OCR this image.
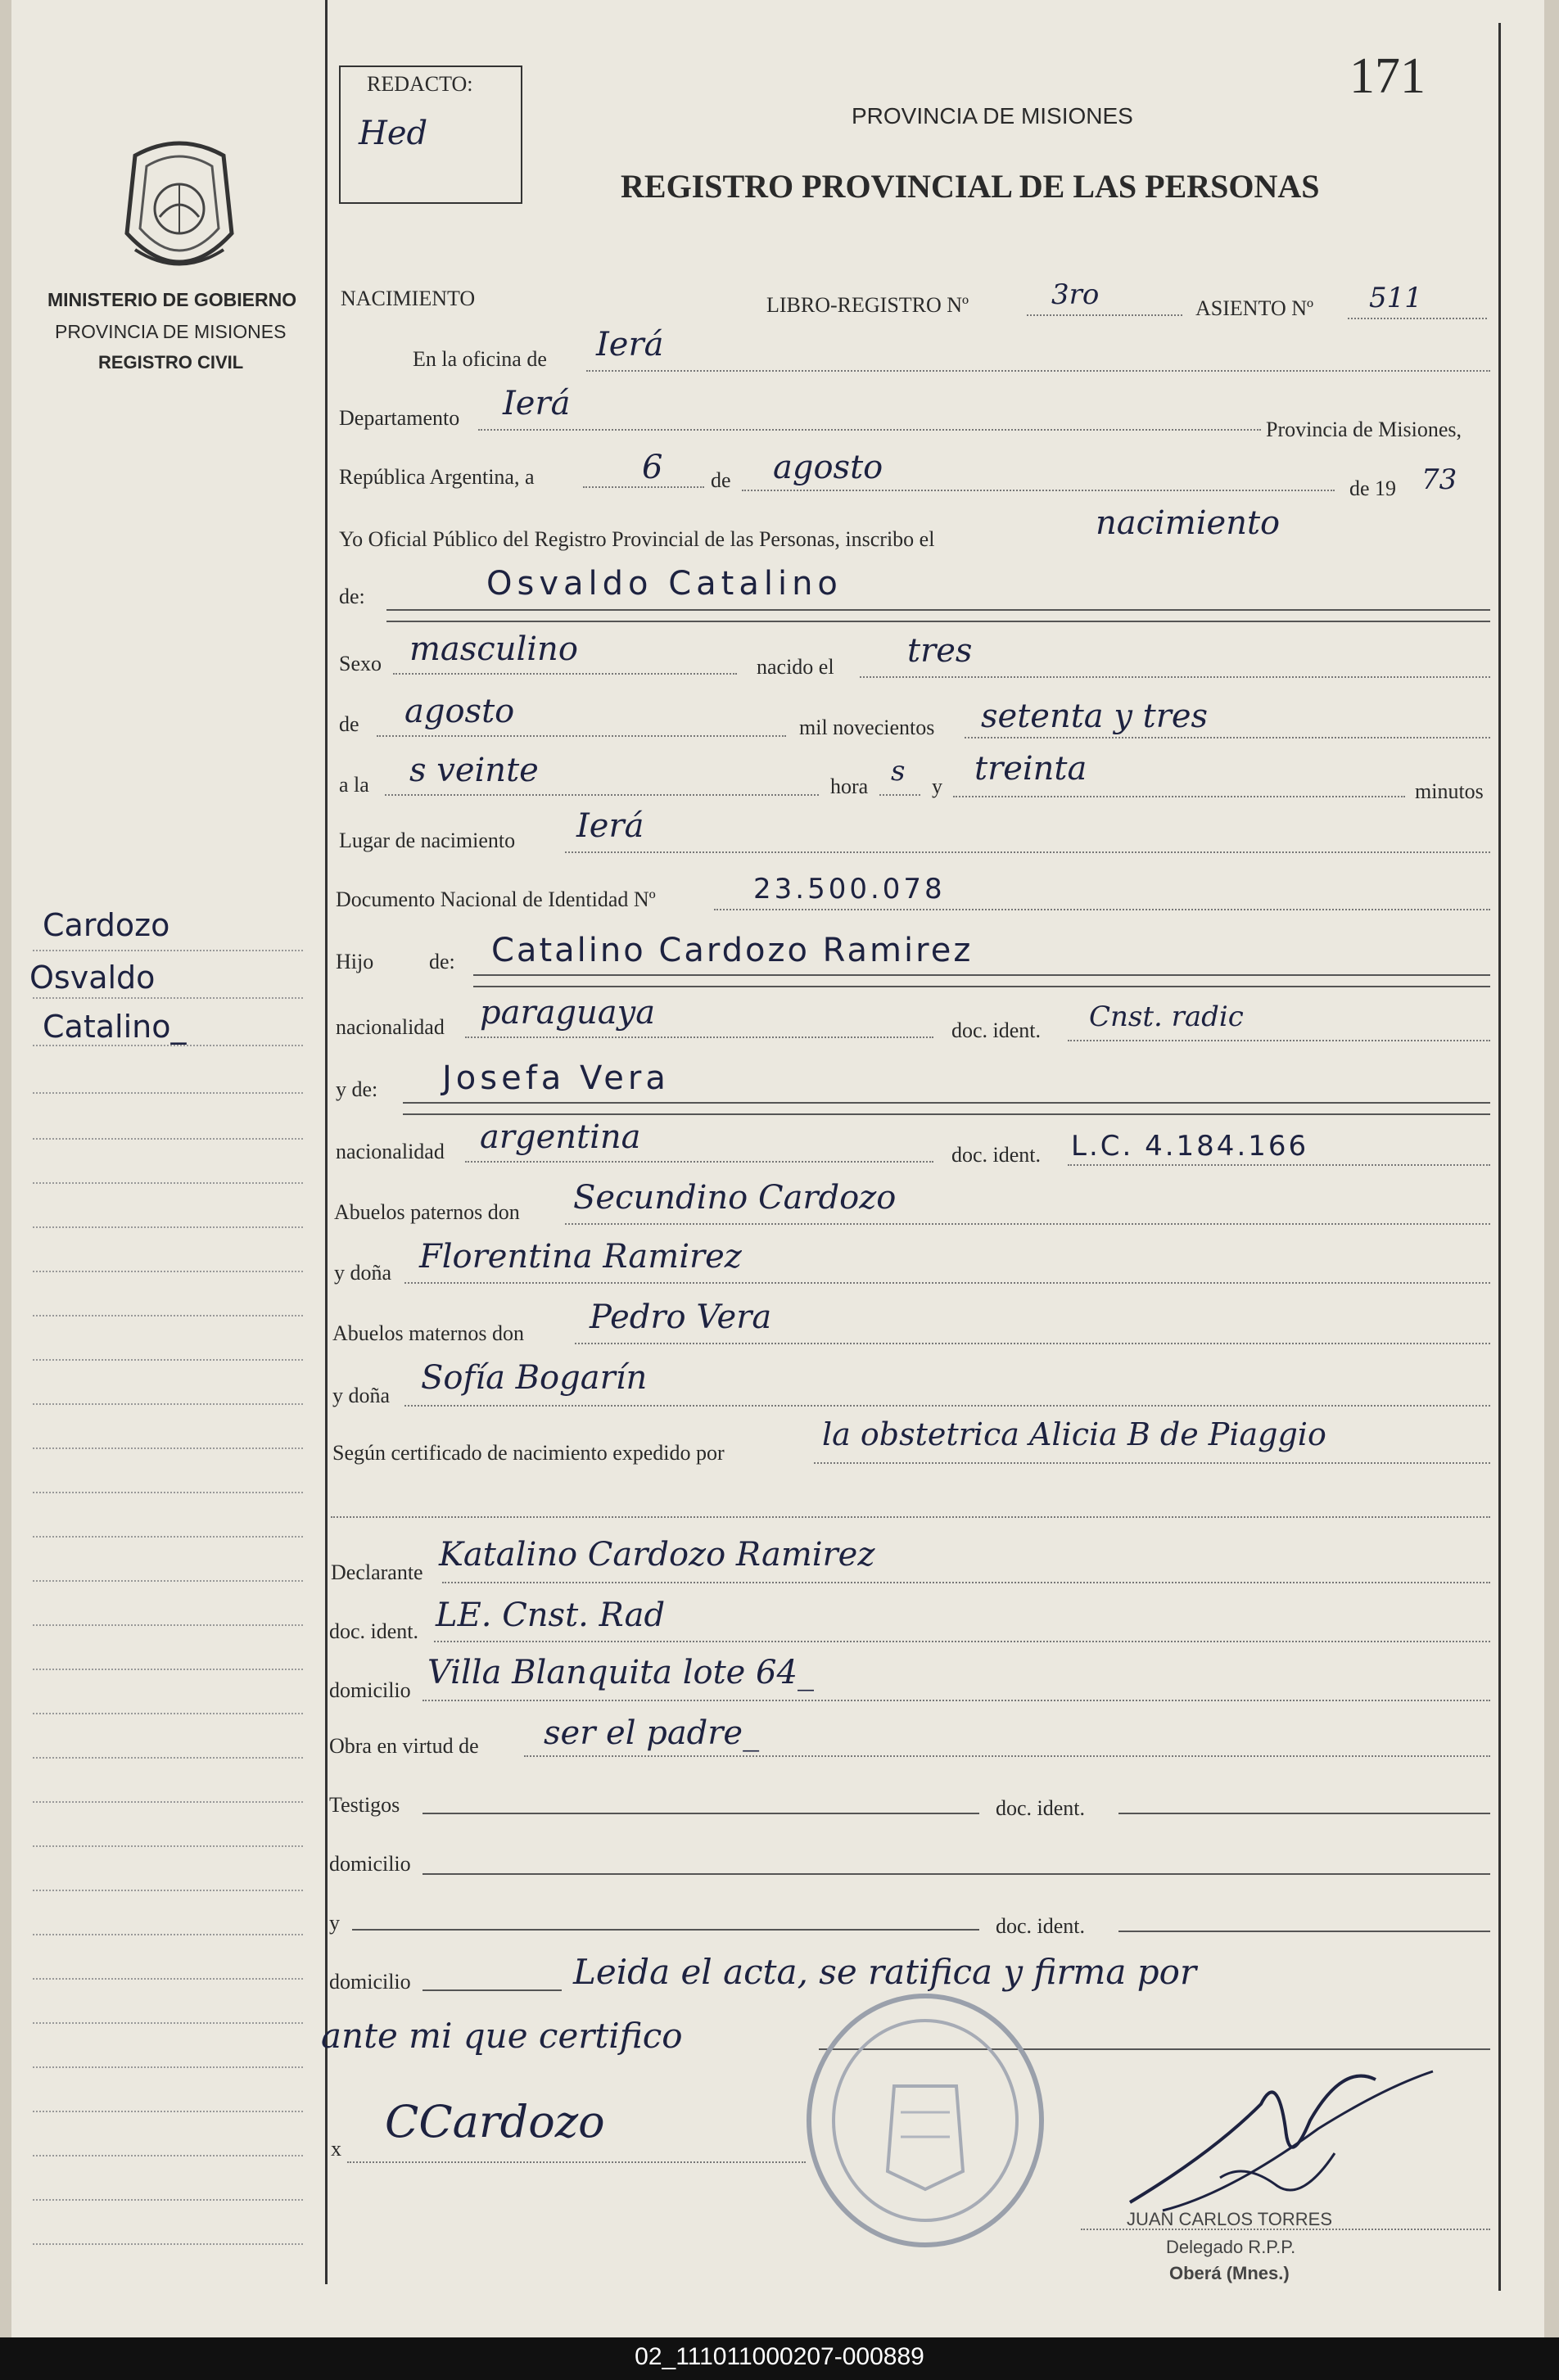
MINISTERIO DE GOBIERNO
PROVINCIA DE MISIONES
REGISTRO CIVIL
Cardozo
Osvaldo
Catalino_
REDACTO:
Hed
171
PROVINCIA DE MISIONES
REGISTRO PROVINCIAL DE LAS PERSONAS
NACIMIENTO	LIBRO-REGISTRO Nº	3ro	ASIENTO Nº 511
En la oficina de Ierá
Departamento Ierá
Provincia de Misiones,
República Argentina, a	6 de agosto
de 19 73
Yo Oficial Público del Registro Provincial de las Personas, inscribo el	nacimiento
de:	Osvaldo Catalino
Sexo masculino	nacido el tres
de agosto	mil novecientos setenta y tres
a la s veinte	hora s y treinta
minutos
Lugar de nacimiento Ierá
Documento Nacional de Identidad Nº	23.500.078
Hijo	de: Catalino Cardozo Ramirez
nacionalidad paraguaya	doc. ident. Cnst. radic
y de: Josefa Vera
nacionalidad argentina	doc. ident. L.C. 4.184.166
Abuelos paternos don Secundino Cardozo
y doña Florentina Ramirez
Abuelos maternos don Pedro Vera
y doña Sofía Bogarín
Según certificado de nacimiento expedido por
la obstetrica Alicia B de Piaggio
Declarante Katalino Cardozo Ramirez
doc. ident. LE. Cnst. Rad
domicilio Villa Blanquita lote 64_
Obra en virtud de ser el padre_
Testigos	doc. ident.
domicilio
y	doc. ident.
domicilio	Leida el acta, se ratifica y firma por
ante mi que certifico
x
CCardozo
JUAN CARLOS TORRES
Delegado R.P.P.
Oberá (Mnes.)
02_111011000207-000889
